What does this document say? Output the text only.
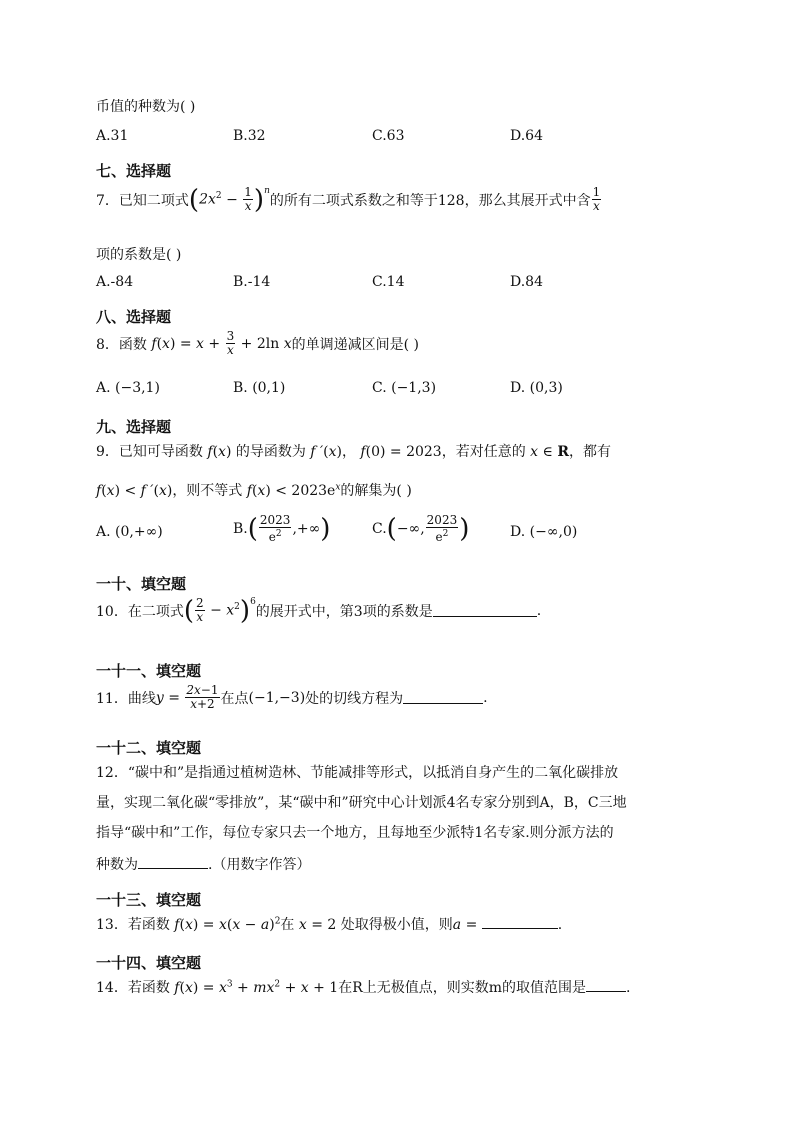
币值的种数为( )
A.31	B.32	C.63	D.64
七、选择题
7．已知二项式 ( $2x^2 - \frac{1}{x} )^n$
的所有二项式系数之和等于128，那么其展开式中含 $\frac{1}{x}$
项的系数是( )
A.-84	B.-14	C.14	D.84
八、选择题
8．函数 f ( x ) = $x + \frac{3}{x} + 2\ln$ x 的单调递减区间是( )
A. (−3,1)	B. (0,1)	C. (−1,3)	D. (0,3)
九、选择题
9．已知可导函数 f(x) 的导函数为 f ′(x)， f(0) = 2023，若对任意的 x ∈ R，都有
f(x) < f ′(x)，则不等式 $f(x) < 2023e^x$的解集为( )
A. (0,+∞)	B. ( $\frac{2023}{e^2}$ ,+∞ )	C. ( −∞, $\frac{2023}{e^2}$ )	D. (−∞,0)
一十、填空题
10．在二项式 ( $\frac{2}{x} - x^2$ )$^6$
的展开式中，第3项的系数是	.
一十一、填空题
11．曲线 $y = \frac{2x-1}{x+2}$ 在点 (−1,−3) 处的切线方程为	.
一十二、填空题
12．“碳中和”是指通过植树造林、节能减排等形式，以抵消自身产生的二氧化碳排放
量，实现二氧化碳“零排放”，某“碳中和”研究中心计划派4名专家分别到A，B，C三地
指导“碳中和”工作，每位专家只去一个地方，且每地至少派特1名专家.则分派方法的
种数为	.（用数字作答）
一十三、填空题
13．若函数 $f(x) = x(x - a)^2$在 x = 2 处取得极小值，则a =	.
一十四、填空题
14．若函数 $f(x) = x^3 + mx^2 + x + 1$在R上无极值点，则实数m的取值范围是	.
